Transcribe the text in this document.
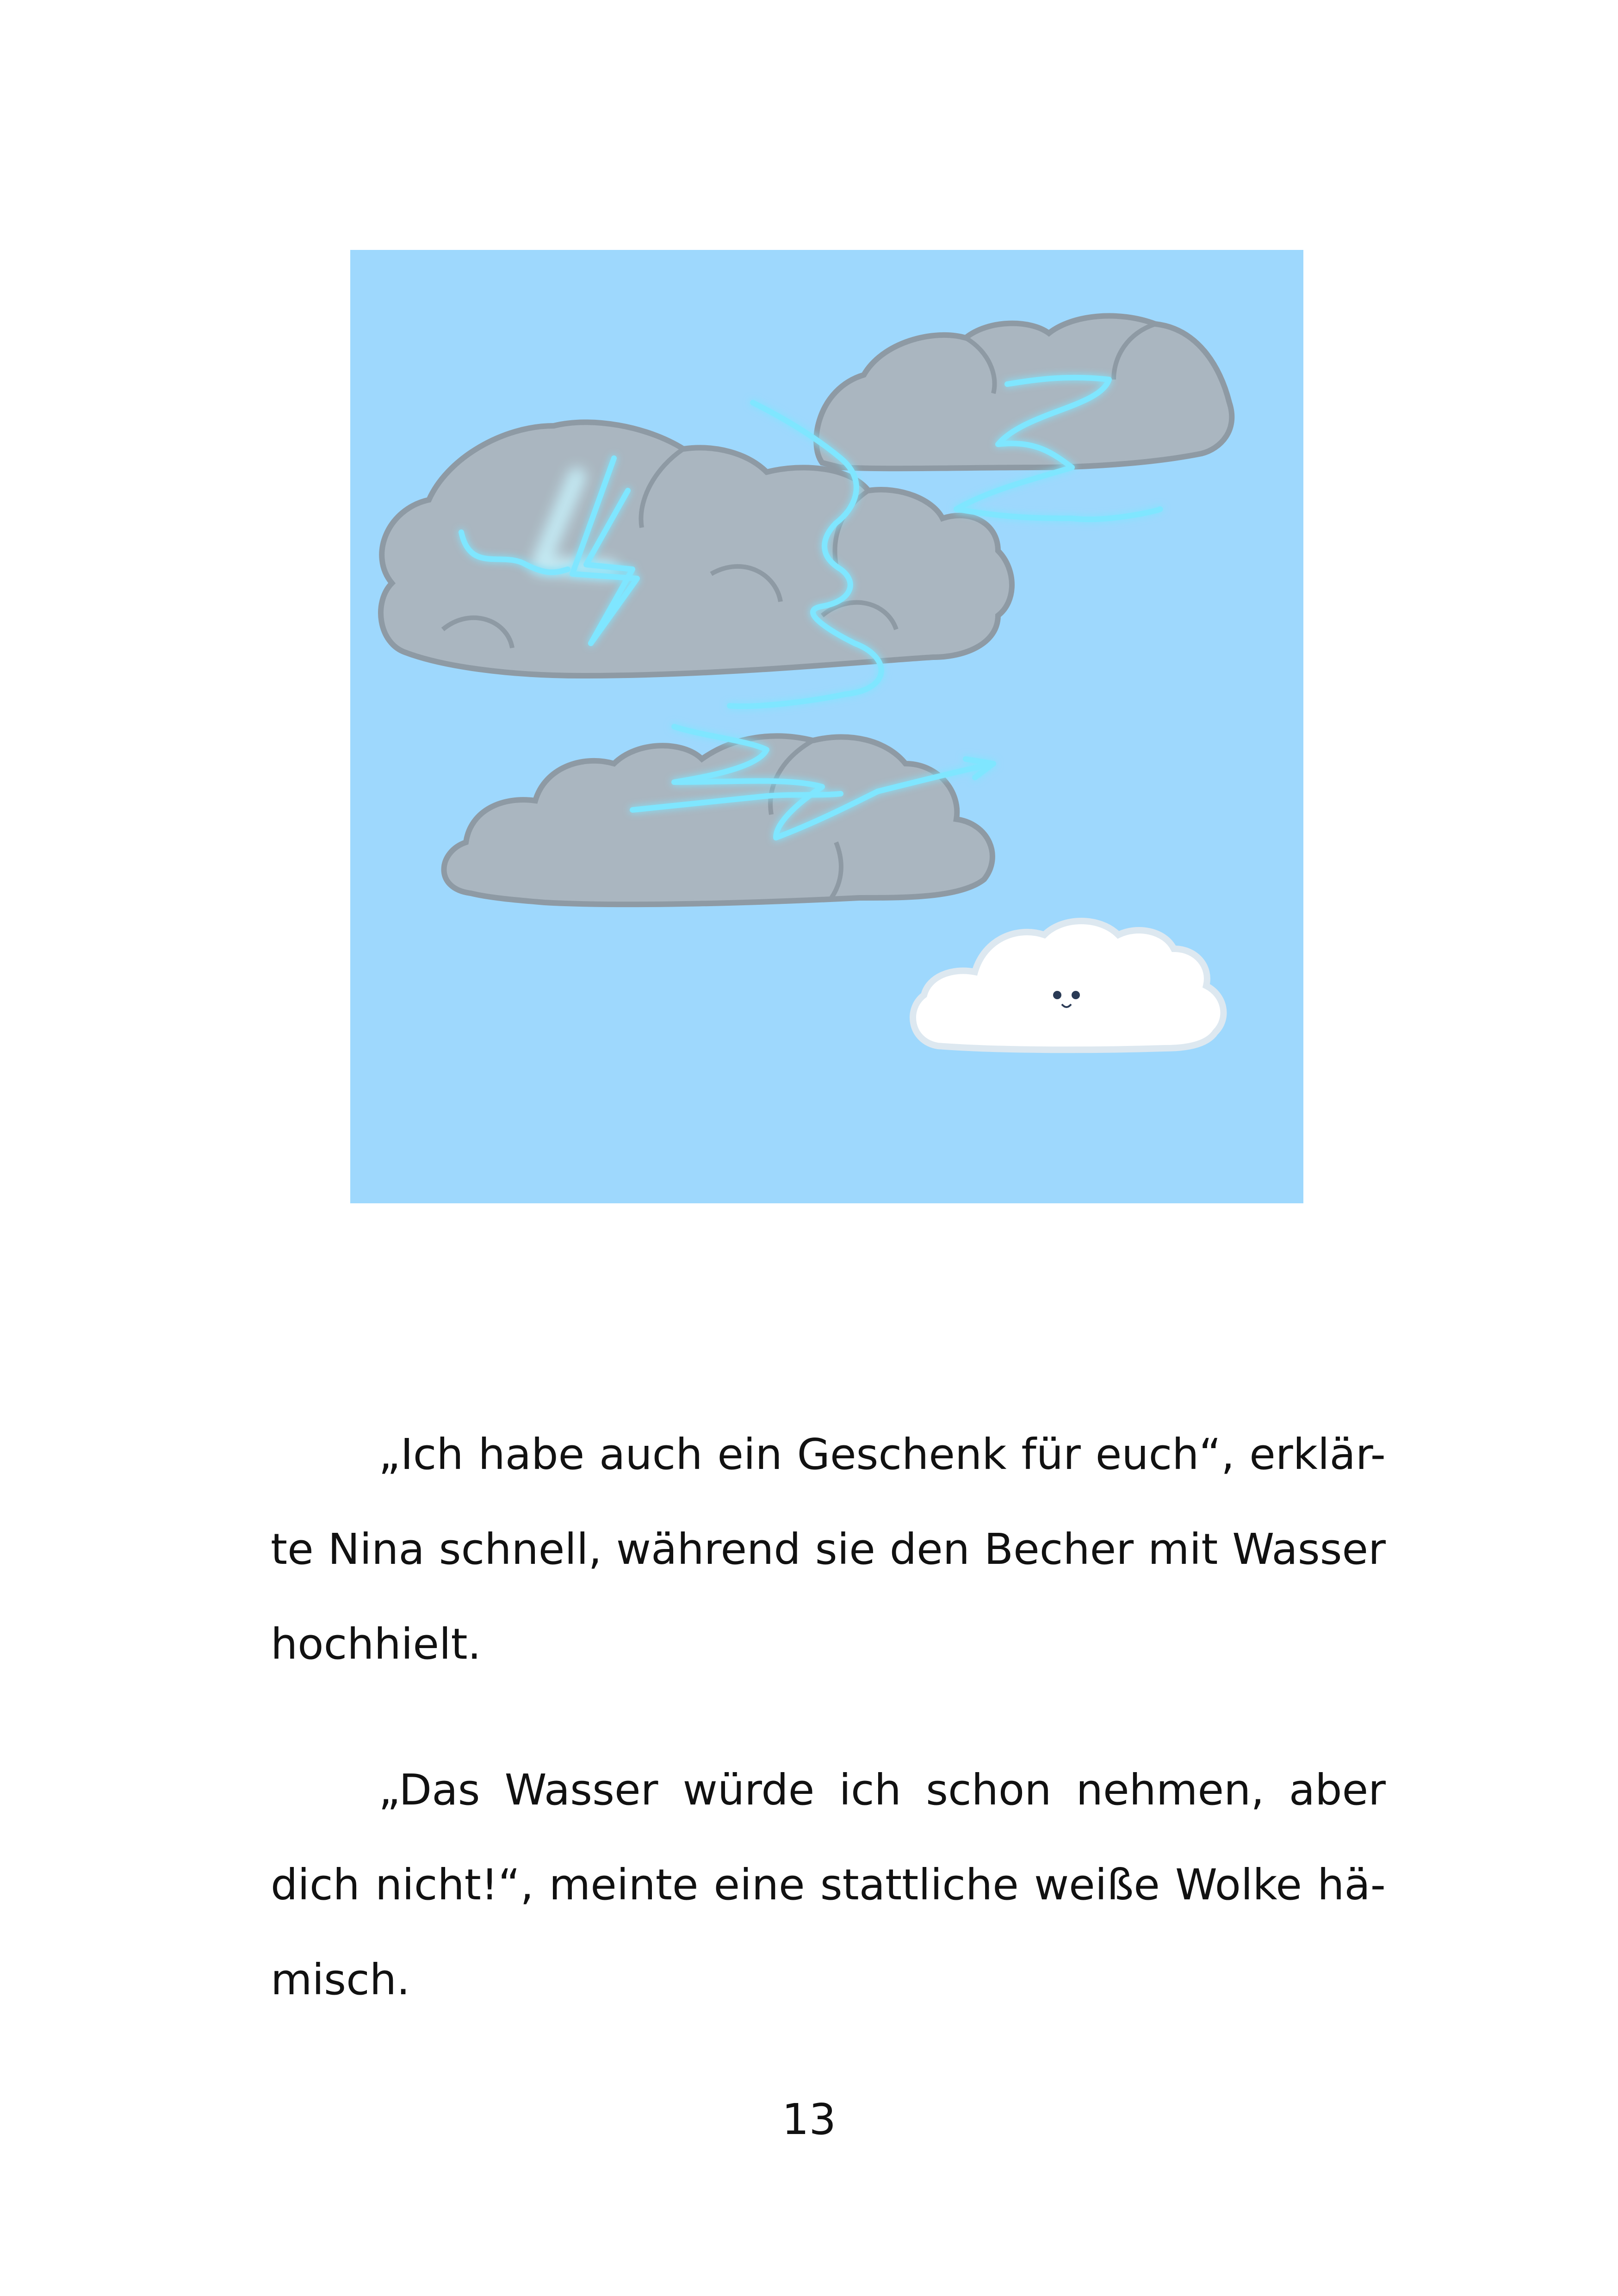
„Ich habe auch ein Geschenk für euch“, erklär-
te Nina schnell, während sie den Becher mit Wasser
hochhielt.

„Das Wasser würde ich schon nehmen, aber
dich nicht!“, meinte eine stattliche weiße Wolke hä-
misch.

13
